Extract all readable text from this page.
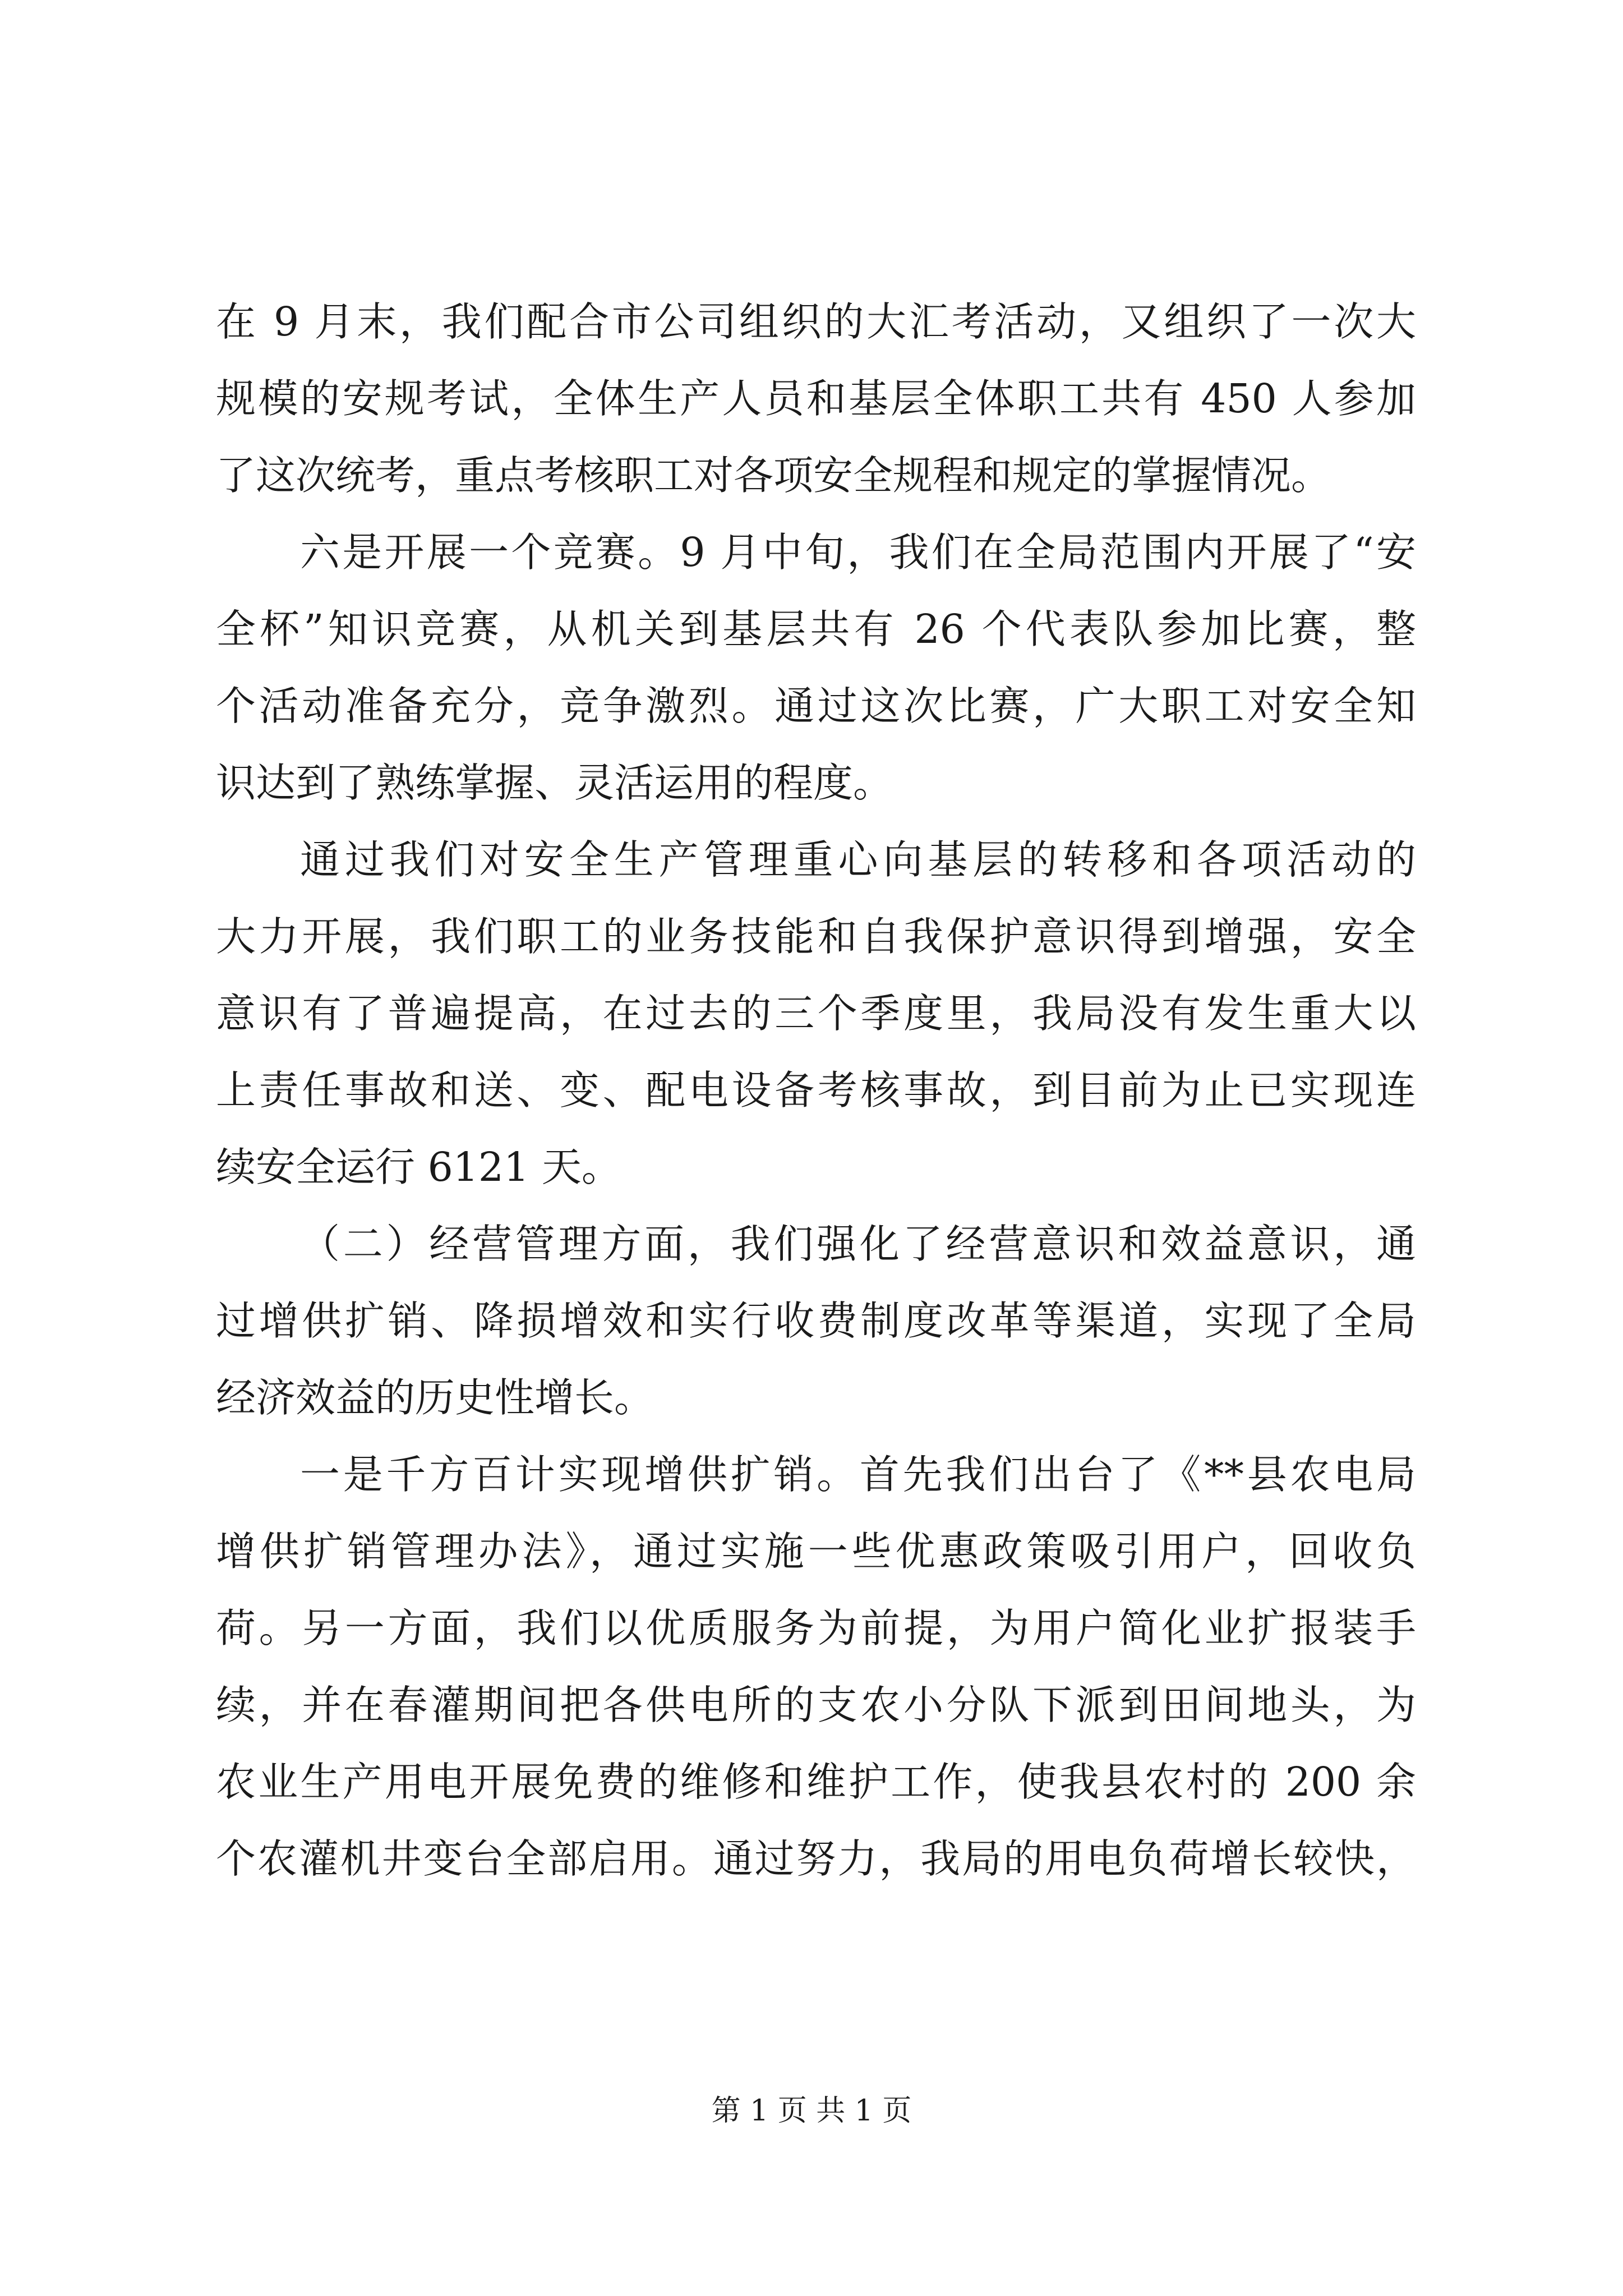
在 9 月末，我们配合市公司组织的大汇考活动，又组织了一次大
规模的安规考试，全体生产人员和基层全体职工共有 450 人参加
了这次统考，重点考核职工对各项安全规程和规定的掌握情况。
六是开展一个竞赛。9 月中旬，我们在全局范围内开展了“安
全杯”知识竞赛，从机关到基层共有 26 个代表队参加比赛，整
个活动准备充分，竞争激烈。通过这次比赛，广大职工对安全知
识达到了熟练掌握、灵活运用的程度。
通过我们对安全生产管理重心向基层的转移和各项活动的
大力开展，我们职工的业务技能和自我保护意识得到增强，安全
意识有了普遍提高，在过去的三个季度里，我局没有发生重大以
上责任事故和送、变、配电设备考核事故，到目前为止已实现连
续安全运行 6121 天。
（二）经营管理方面，我们强化了经营意识和效益意识，通
过增供扩销、降损增效和实行收费制度改革等渠道，实现了全局
经济效益的历史性增长。
一是千方百计实现增供扩销。首先我们出台了《**县农电局
增供扩销管理办法》，通过实施一些优惠政策吸引用户，回收负
荷。另一方面，我们以优质服务为前提，为用户简化业扩报装手
续，并在春灌期间把各供电所的支农小分队下派到田间地头，为
农业生产用电开展免费的维修和维护工作，使我县农村的 200 余
个农灌机井变台全部启用。通过努力，我局的用电负荷增长较快，
第 1 页 共 1 页
